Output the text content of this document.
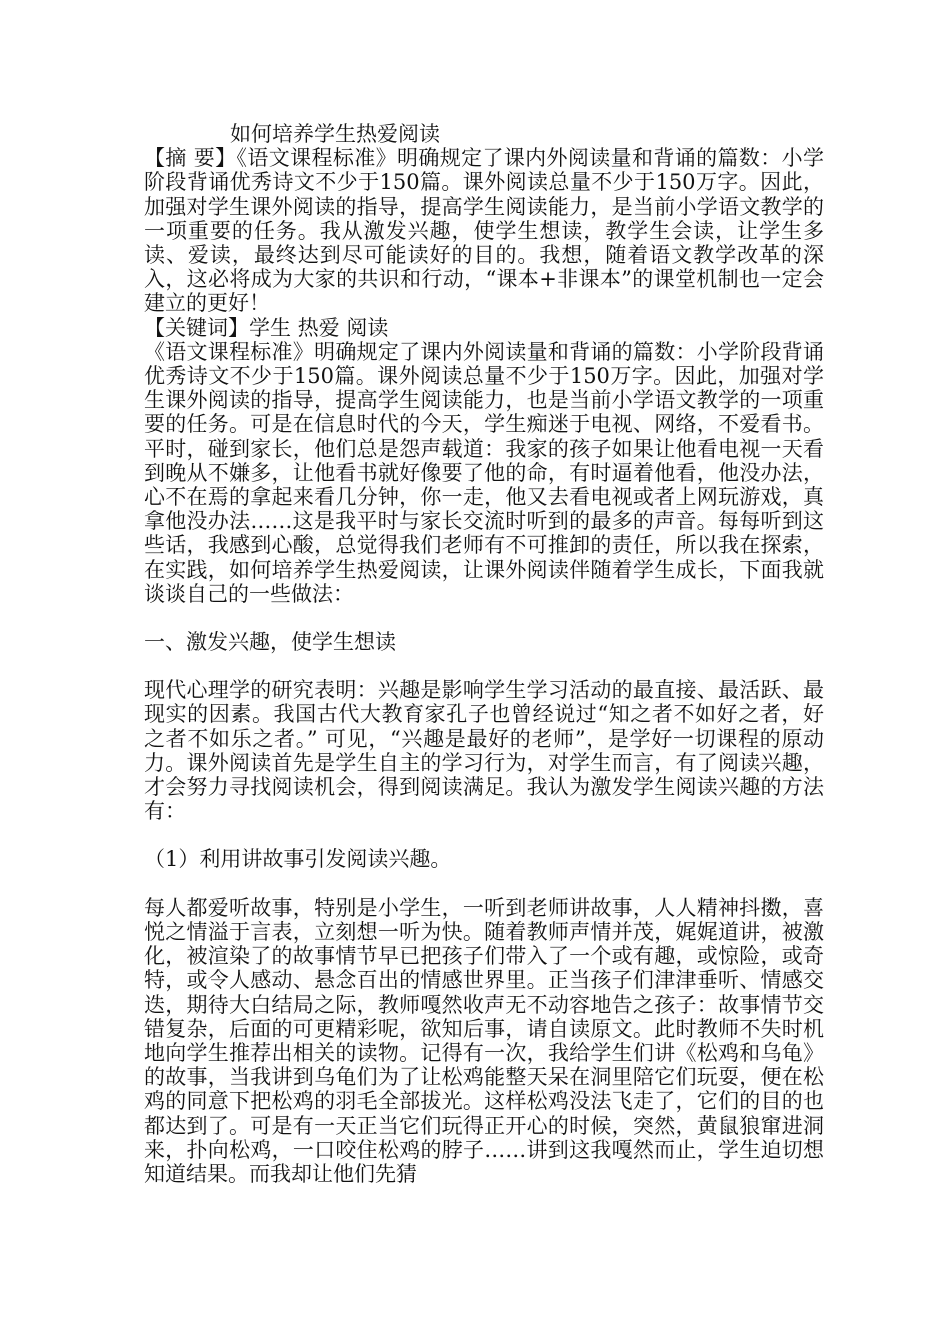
如何培养学生热爱阅读

【摘 要】《语文课程标准》明确规定了课内外阅读量和背诵的篇数：小学阶段背诵优秀诗文不少于150篇。课外阅读总量不少于150万字。因此，加强对学生课外阅读的指导，提高学生阅读能力，是当前小学语文教学的一项重要的任务。我从激发兴趣，使学生想读，教学生会读，让学生多读、爱读，最终达到尽可能读好的目的。我想，随着语文教学改革的深入，这必将成为大家的共识和行动，“课本+非课本”的课堂机制也一定会建立的更好！

【关键词】学生 热爱 阅读

《语文课程标准》明确规定了课内外阅读量和背诵的篇数：小学阶段背诵优秀诗文不少于150篇。课外阅读总量不少于150万字。因此，加强对学生课外阅读的指导，提高学生阅读能力，也是当前小学语文教学的一项重要的任务。可是在信息时代的今天，学生痴迷于电视、网络，不爱看书。平时，碰到家长，他们总是怨声载道：我家的孩子如果让他看电视一天看到晚从不嫌多，让他看书就好像要了他的命，有时逼着他看，他没办法，心不在焉的拿起来看几分钟，你一走，他又去看电视或者上网玩游戏，真拿他没办法……这是我平时与家长交流时听到的最多的声音。每每听到这些话，我感到心酸，总觉得我们老师有不可推卸的责任，所以我在探索，在实践，如何培养学生热爱阅读，让课外阅读伴随着学生成长，下面我就谈谈自己的一些做法：

一、激发兴趣，使学生想读

现代心理学的研究表明：兴趣是影响学生学习活动的最直接、最活跃、最现实的因素。我国古代大教育家孔子也曾经说过“知之者不如好之者，好之者不如乐之者。” 可见，“兴趣是最好的老师”，是学好一切课程的原动力。课外阅读首先是学生自主的学习行为，对学生而言，有了阅读兴趣，才会努力寻找阅读机会，得到阅读满足。我认为激发学生阅读兴趣的方法有：

（1）利用讲故事引发阅读兴趣。

每人都爱听故事，特别是小学生，一听到老师讲故事，人人精神抖擞，喜悦之情溢于言表，立刻想一听为快。随着教师声情并茂，娓娓道讲，被激化，被渲染了的故事情节早已把孩子们带入了一个或有趣，或惊险，或奇特，或令人感动、悬念百出的情感世界里。正当孩子们津津垂听、情感交迭，期待大白结局之际，教师嘎然收声无不动容地告之孩子：故事情节交错复杂，后面的可更精彩呢，欲知后事，请自读原文。此时教师不失时机地向学生推荐出相关的读物。记得有一次，我给学生们讲《松鸡和乌龟》的故事，当我讲到乌龟们为了让松鸡能整天呆在洞里陪它们玩耍，便在松鸡的同意下把松鸡的羽毛全部拔光。这样松鸡没法飞走了，它们的目的也都达到了。可是有一天正当它们玩得正开心的时候，突然，黄鼠狼窜进洞来，扑向松鸡，一口咬住松鸡的脖子……讲到这我嘎然而止，学生迫切想知道结果。而我却让他们先猜
